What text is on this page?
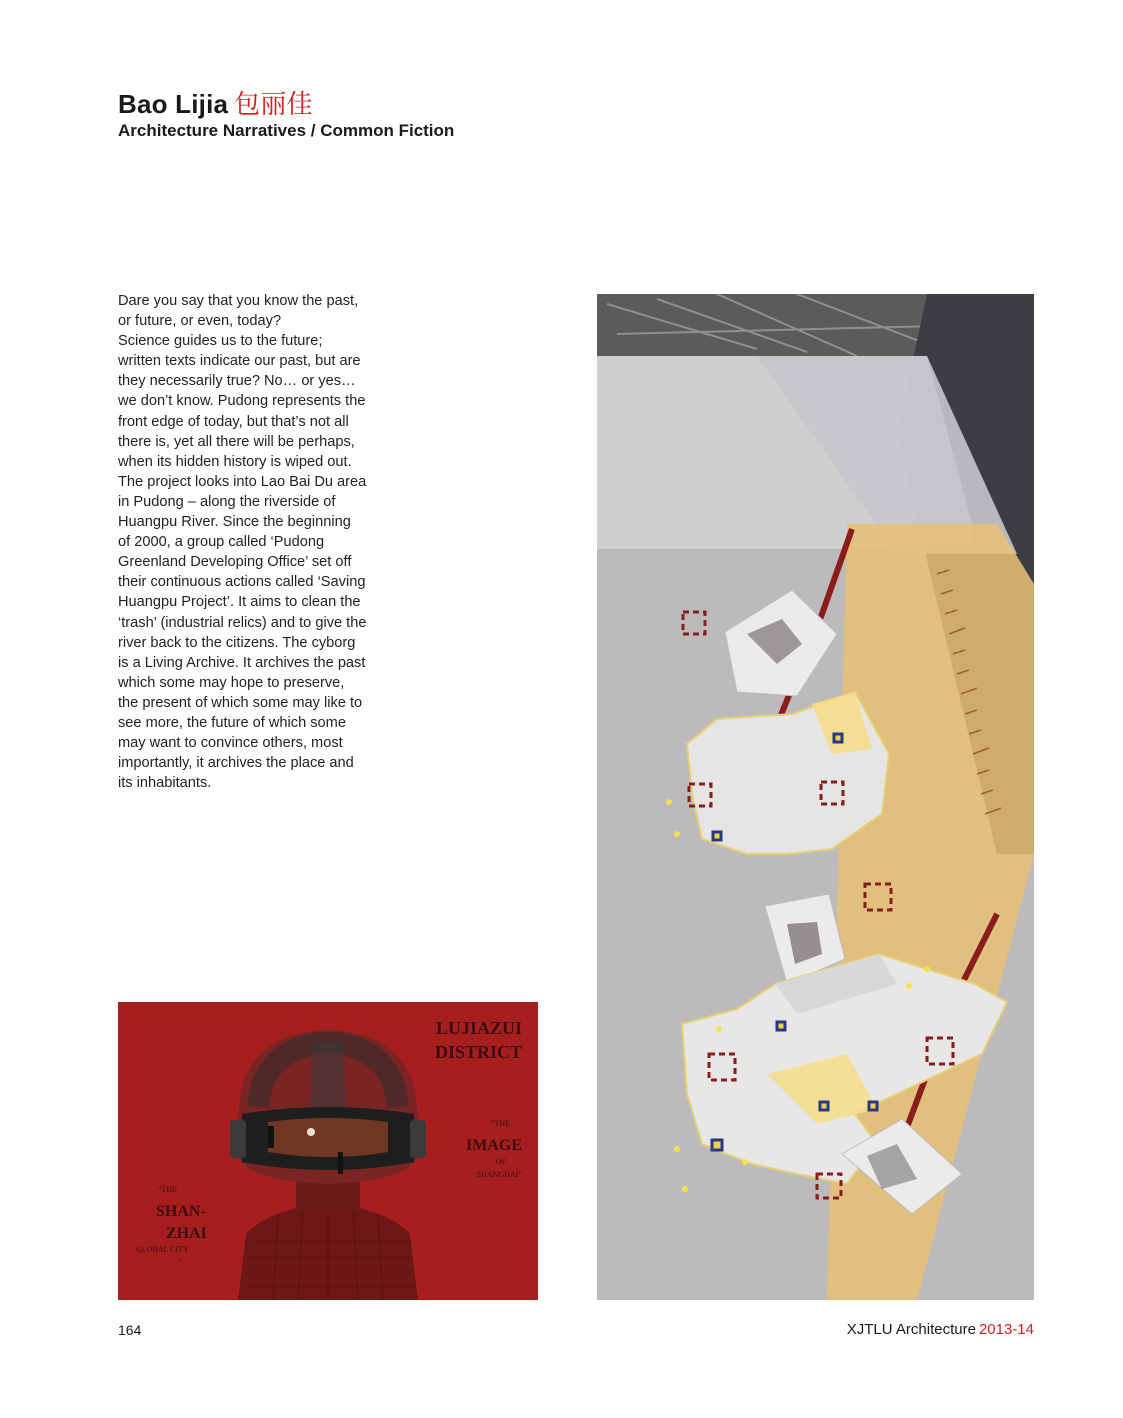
Bao Lijia 包丽佳
Architecture Narratives / Common Fiction
Dare you say that you know the past,
or future, or even, today?
Science guides us to the future;
written texts indicate our past, but are
they necessarily true? No… or yes…
we don’t know. Pudong represents the
front edge of today, but that’s not all
there is, yet all there will be perhaps,
when its hidden history is wiped out.
The project looks into Lao Bai Du area
in Pudong – along the riverside of
Huangpu River. Since the beginning
of 2000, a group called ‘Pudong
Greenland Developing Office’ set off
their continuous actions called ‘Saving
Huangpu Project’. It aims to clean the
‘trash’ (industrial relics) and to give the
river back to the citizens. The cyborg
is a Living Archive. It archives the past
which some may hope to preserve,
the present of which some may like to
see more, the future of which some
may want to convince others, most
importantly, it archives the place and
its inhabitants.
LUJIAZUI
DISTRICT
“THE
IMAGE
OF
SHANGHAI”
“THE
SHAN-
ZHAI
GLOBAL CITY
”
164	XJTLU Architecture 2013-14
